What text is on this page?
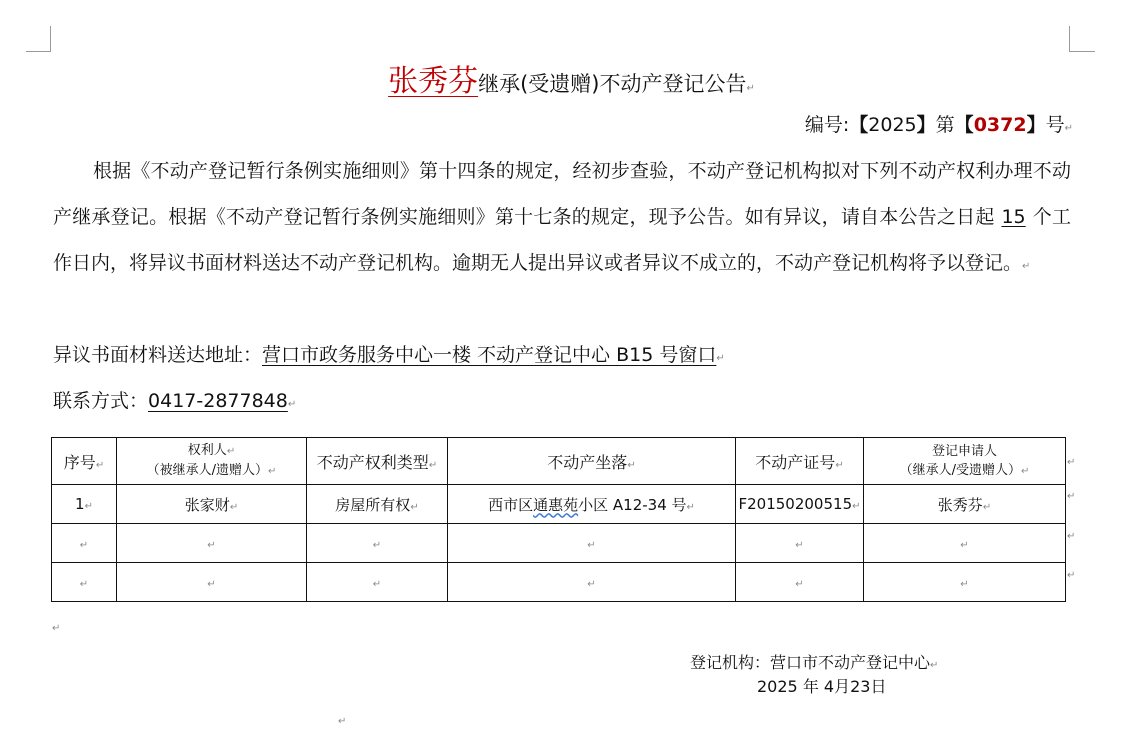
张秀芬继承(受遗赠)不动产登记公告↵
编号:【2025】第【0372】号↵

根据《不动产登记暂行条例实施细则》第十四条的规定，经初步查验，不动产登记机构拟对下列不动产权利办理不动产继承登记。根据《不动产登记暂行条例实施细则》第十七条的规定，现予公告。如有异议，请自本公告之日起 15 个工作日内，将异议书面材料送达不动产登记机构。逾期无人提出异议或者异议不成立的，不动产登记机构将予以登记。↵

异议书面材料送达地址：营口市政务服务中心一楼 不动产登记中心 B15 号窗口↵
联系方式：0417-2877848↵
序号↵	权利人↵
（被继承人/遗赠人）↵	不动产权利类型↵	不动产坐落↵	不动产证号↵	登记申请人
（继承人/受遗赠人）↵

1↵	张家财↵	房屋所有权↵	西市区通惠苑小区 A12-34 号↵	F20150200515↵	张秀芬↵
↵	↵	↵	↵	↵	↵
↵	↵	↵	↵	↵	↵
↵
↵
↵
↵
↵
登记机构：营口市不动产登记中心↵
2025 年 4月23日
↵
